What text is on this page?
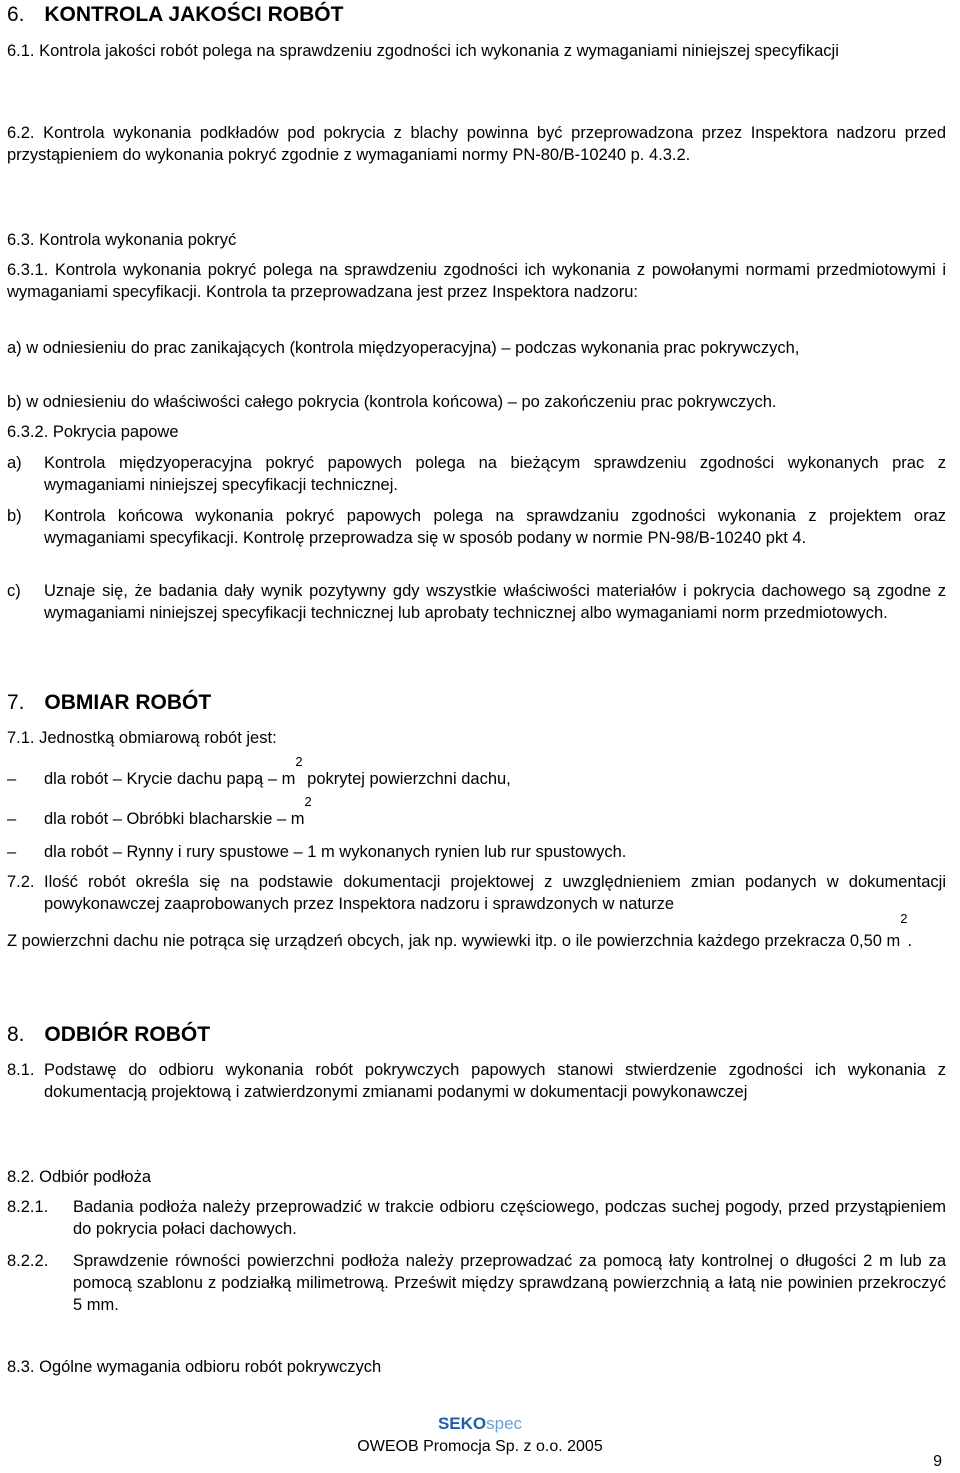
6. KONTROLA JAKOŚCI ROBÓT
6.1. Kontrola jakości robót polega na sprawdzeniu zgodności ich wykonania z wymaganiami niniejszej specyfikacji
6.2. Kontrola wykonania podkładów pod pokrycia z blachy powinna być przeprowadzona przez Inspektora nadzoru przed przystąpieniem do wykonania pokryć zgodnie z wymaganiami normy PN-80/B-10240 p. 4.3.2.
6.3. Kontrola wykonania pokryć
6.3.1. Kontrola wykonania pokryć polega na sprawdzeniu zgodności ich wykonania z powołanymi normami przedmiotowymi i wymaganiami specyfikacji. Kontrola ta przeprowadzana jest przez Inspektora nadzoru:
a) w odniesieniu do prac zanikających (kontrola międzyoperacyjna) – podczas wykonania prac pokrywczych,
b) w odniesieniu do właściwości całego pokrycia (kontrola końcowa) – po zakończeniu prac pokrywczych.
6.3.2. Pokrycia papowe
a) Kontrola międzyoperacyjna pokryć papowych polega na bieżącym sprawdzeniu zgodności wykonanych prac z wymaganiami niniejszej specyfikacji technicznej.
b) Kontrola końcowa wykonania pokryć papowych polega na sprawdzaniu zgodności wykonania z projektem oraz wymaganiami specyfikacji. Kontrolę przeprowadza się w sposób podany w normie PN-98/B-10240 pkt 4.
c) Uznaje się, że badania dały wynik pozytywny gdy wszystkie właściwości materiałów i pokrycia dachowego są zgodne z wymaganiami niniejszej specyfikacji technicznej lub aprobaty technicznej albo wymaganiami norm przedmiotowych.
7. OBMIAR ROBÓT
7.1. Jednostką obmiarową robót jest:
– dla robót – Krycie dachu papą – $m^2$ pokrytej powierzchni dachu,
– dla robót – Obróbki blacharskie – $m^2$
– dla robót – Rynny i rury spustowe – 1 m wykonanych rynien lub rur spustowych.
7.2. Ilość robót określa się na podstawie dokumentacji projektowej z uwzględnieniem zmian podanych w dokumentacji powykonawczej zaaprobowanych przez Inspektora nadzoru i sprawdzonych w naturze
Z powierzchni dachu nie potrąca się urządzeń obcych, jak np. wywiewki itp. o ile powierzchnia każdego przekracza 0,50 $m^2$.
8. ODBIÓR ROBÓT
8.1. Podstawę do odbioru wykonania robót pokrywczych papowych stanowi stwierdzenie zgodności ich wykonania z dokumentacją projektową i zatwierdzonymi zmianami podanymi w dokumentacji powykonawczej
8.2. Odbiór podłoża
8.2.1. Badania podłoża należy przeprowadzić w trakcie odbioru częściowego, podczas suchej pogody, przed przystąpieniem do pokrycia połaci dachowych.
8.2.2. Sprawdzenie równości powierzchni podłoża należy przeprowadzać za pomocą łaty kontrolnej o długości 2 m lub za pomocą szablonu z podziałką milimetrową. Prześwit między sprawdzaną powierzchnią a łatą nie powinien przekroczyć 5 mm.
8.3. Ogólne wymagania odbioru robót pokrywczych
SEKOspec
OWEOB Promocja Sp. z o.o. 2005
9
